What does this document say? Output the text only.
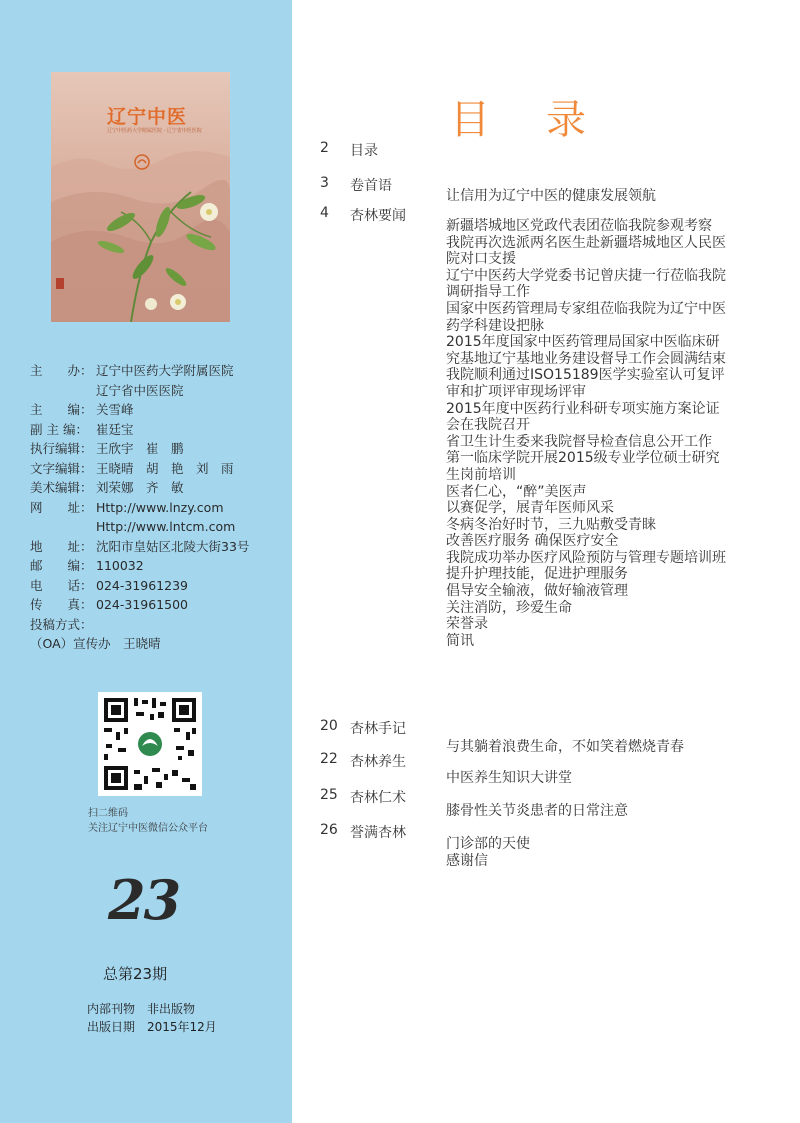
辽宁中医
辽宁中医药大学附属医院 · 辽宁省中医医院
主　　办： 辽宁中医药大学附属医院
辽宁省中医医院
主　　编： 关雪峰
副 主 编： 崔廷宝
执行编辑： 王欣宇　崔　鹏
文字编辑： 王晓晴　胡　艳　刘　雨
美术编辑： 刘荣娜　齐　敏
网　　址： Http://www.lnzy.com
Http://www.lntcm.com
地　　址： 沈阳市皇姑区北陵大街33号
邮　　编： 110032
电　　话： 024-31961239
传　　真： 024-31961500
投稿方式：
（OA）宣传办　王晓晴
扫二维码
关注辽宁中医微信公众平台
23
总第23期
内部刊物　非出版物
出版日期　2015年12月
目录
2 目录
3 卷首语
4 杏林要闻
20 杏林手记
22 杏林养生
25 杏林仁术
26 誉满杏林
让信用为辽宁中医的健康发展领航
新疆塔城地区党政代表团莅临我院参观考察
我院再次选派两名医生赴新疆塔城地区人民医院对口支援
辽宁中医药大学党委书记曾庆捷一行莅临我院调研指导工作
国家中医药管理局专家组莅临我院为辽宁中医药学科建设把脉
2015年度国家中医药管理局国家中医临床研究基地辽宁基地业务建设督导工作会圆满结束
我院顺利通过ISO15189医学实验室认可复评审和扩项评审现场评审
2015年度中医药行业科研专项实施方案论证会在我院召开
省卫生计生委来我院督导检查信息公开工作
第一临床学院开展2015级专业学位硕士研究生岗前培训
医者仁心，“醉”美医声
以赛促学，展青年医师风采
冬病冬治好时节，三九贴敷受青睐
改善医疗服务 确保医疗安全
我院成功举办医疗风险预防与管理专题培训班
提升护理技能，促进护理服务
倡导安全输液，做好输液管理
关注消防，珍爱生命
荣誉录
简讯
与其躺着浪费生命，不如笑着燃烧青春
中医养生知识大讲堂
膝骨性关节炎患者的日常注意
门诊部的天使
感谢信
